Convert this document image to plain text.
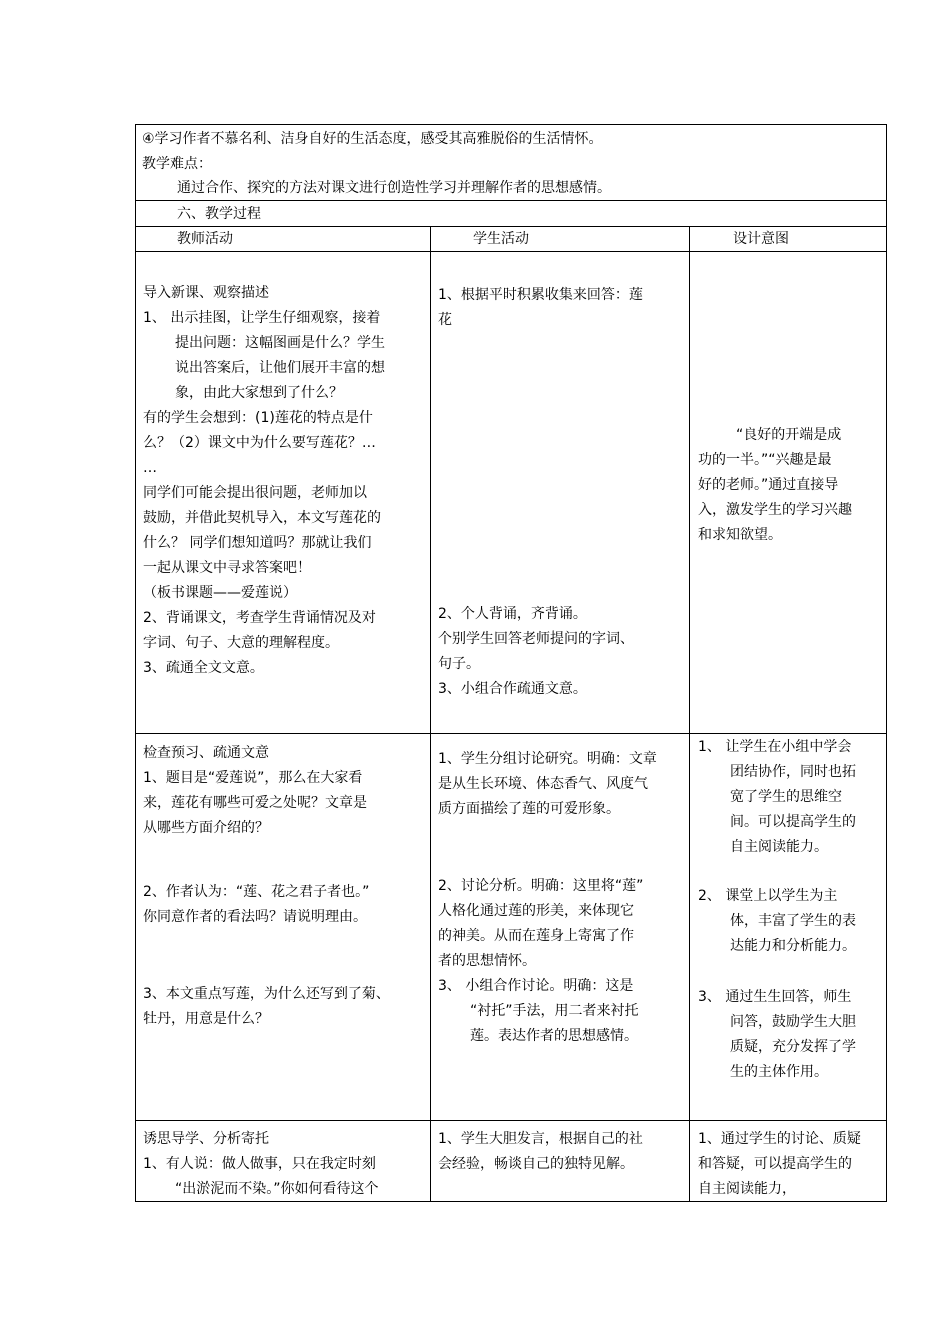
④学习作者不慕名利、洁身自好的生活态度，感受其高雅脱俗的生活情怀。
教学难点：
通过合作、探究的方法对课文进行创造性学习并理解作者的思想感情。
六、教学过程
教师活动	学生活动	设计意图
导入新课、观察描述
1、 出示挂图，让学生仔细观察，接着
提出问题：这幅图画是什么？学生
说出答案后，让他们展开丰富的想
象，由此大家想到了什么？
有的学生会想到：(1)莲花的特点是什
么？（2）课文中为什么要写莲花？…
…
同学们可能会提出很问题，老师加以
鼓励，并借此契机导入，本文写莲花的
什么？ 同学们想知道吗？那就让我们
一起从课文中寻求答案吧！
（板书课题——爱莲说）
2、背诵课文，考查学生背诵情况及对
字词、句子、大意的理解程度。
3、疏通全文文意。
1、根据平时积累收集来回答：莲
花
2、个人背诵，齐背诵。
个别学生回答老师提问的字词、
句子。
3、小组合作疏通文意。
“良好的开端是成
功的一半。”“兴趣是最
好的老师。”通过直接导
入，激发学生的学习兴趣
和求知欲望。
检查预习、疏通文意
1、题目是“爱莲说”，那么在大家看
来，莲花有哪些可爱之处呢？文章是
从哪些方面介绍的？
2、作者认为：“莲、花之君子者也。”
你同意作者的看法吗？请说明理由。
3、本文重点写莲，为什么还写到了菊、
牡丹，用意是什么？
1、学生分组讨论研究。明确：文章
是从生长环境、体态香气、风度气
质方面描绘了莲的可爱形象。
2、讨论分析。明确：这里将“莲”
人格化通过莲的形美，来体现它
的神美。从而在莲身上寄寓了作
者的思想情怀。
3、 小组合作讨论。明确：这是
“衬托”手法，用二者来衬托
莲。表达作者的思想感情。
1、 让学生在小组中学会
团结协作，同时也拓
宽了学生的思维空
间。可以提高学生的
自主阅读能力。
2、 课堂上以学生为主
体，丰富了学生的表
达能力和分析能力。
3、 通过生生回答，师生
问答，鼓励学生大胆
质疑，充分发挥了学
生的主体作用。
诱思导学、分析寄托
1、有人说：做人做事，只在我定时刻
“出淤泥而不染。”你如何看待这个
1、学生大胆发言，根据自己的社
会经验，畅谈自己的独特见解。
1、通过学生的讨论、质疑
和答疑，可以提高学生的
自主阅读能力，
